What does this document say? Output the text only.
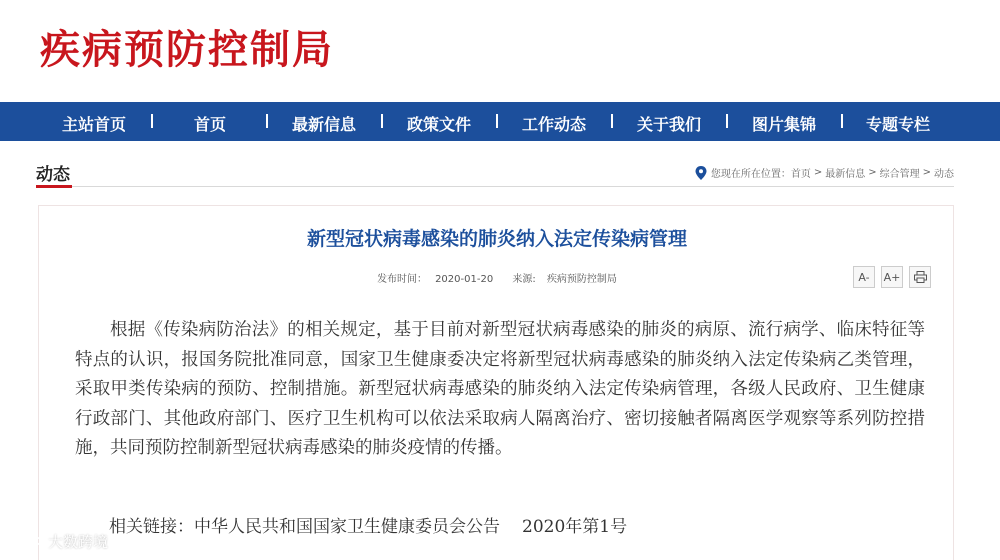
疾病预防控制局
主站首页	首页	最新信息	政策文件	工作动态	关于我们	图片集锦	专题专栏
动态	您现在所在位置： 首页 > 最新信息 > 综合管理 > 动态
新型冠状病毒感染的肺炎纳入法定传染病管理
发布时间： 2020-01-20 来源: 疾病预防控制局	A-	A+

根据《传染病防治法》的相关规定，基于目前对新型冠状病毒感染的肺炎的病原、流行病学、临床特征等特点的认识，报国务院批准同意，国家卫生健康委决定将新型冠状病毒感染的肺炎纳入法定传染病乙类管理，采取甲类传染病的预防、控制措施。新型冠状病毒感染的肺炎纳入法定传染病管理，各级人民政府、卫生健康行政部门、其他政府部门、医疗卫生机构可以依法采取病人隔离治疗、密切接触者隔离医学观察等系列防控措施，共同预防控制新型冠状病毒感染的肺炎疫情的传播。

相关链接：中华人民共和国国家卫生健康委员会公告 2020年第1号
大数跨境
